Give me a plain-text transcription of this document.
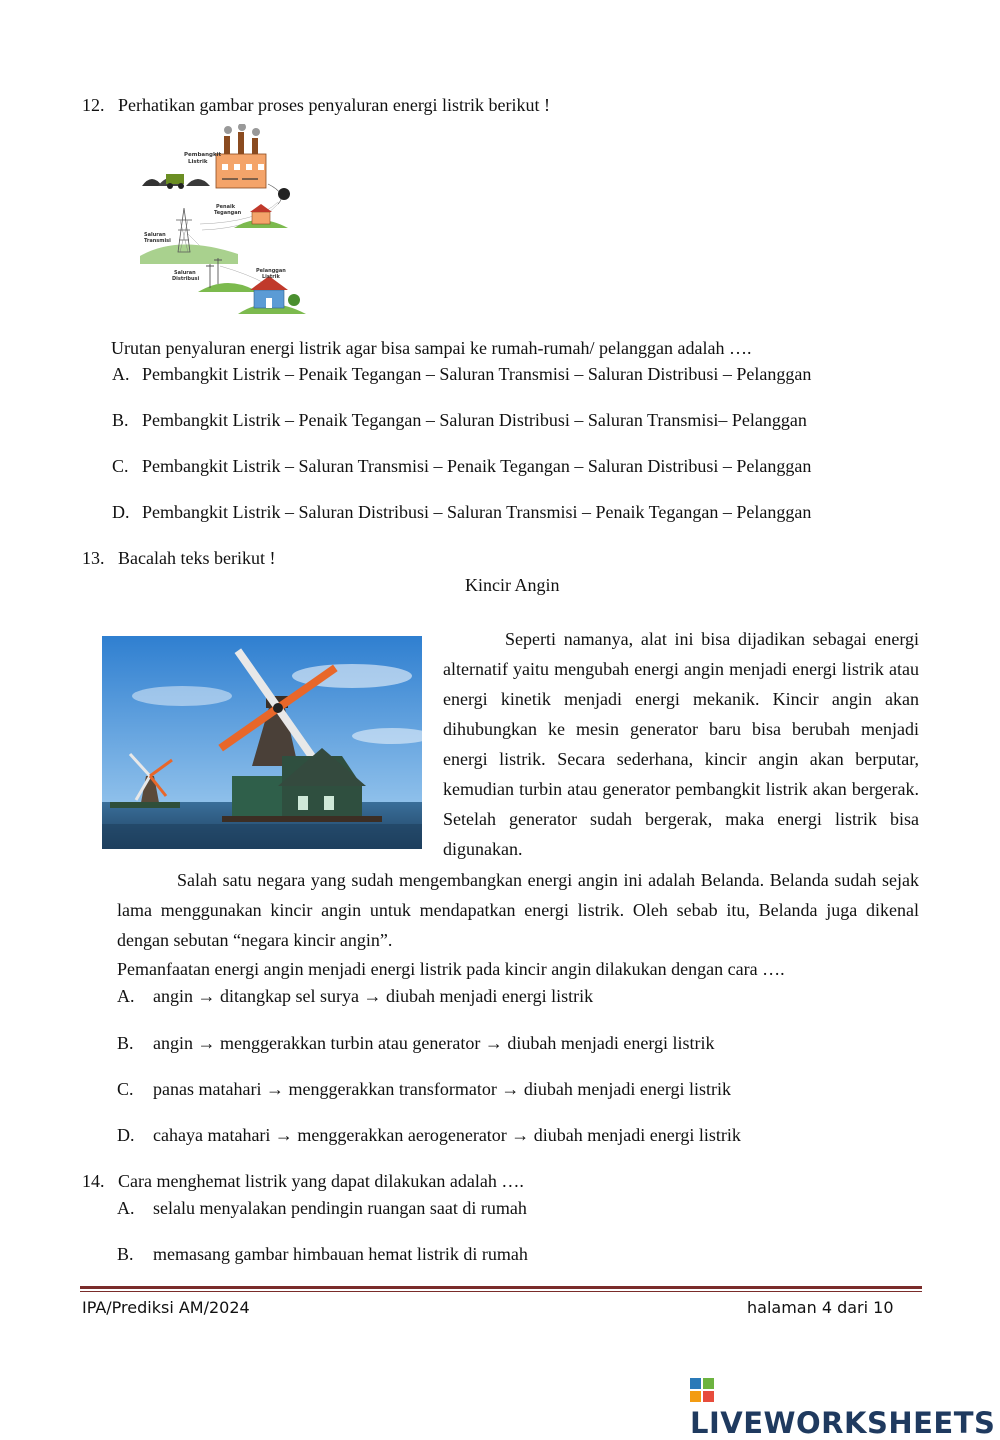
12. Perhatikan gambar proses penyaluran energi listrik berikut !
Pembangkit
Listrik
Penaik
Tegangan
Saluran
Transmisi
Saluran
Distribusi
Pelanggan
Listrik
Urutan penyaluran energi listrik agar bisa sampai ke rumah-rumah/ pelanggan adalah ….
A. Pembangkit Listrik – Penaik Tegangan – Saluran Transmisi – Saluran Distribusi – Pelanggan
B. Pembangkit Listrik – Penaik Tegangan – Saluran Distribusi – Saluran Transmisi– Pelanggan
C. Pembangkit Listrik – Saluran Transmisi – Penaik Tegangan – Saluran Distribusi – Pelanggan
D. Pembangkit Listrik – Saluran Distribusi – Saluran Transmisi – Penaik Tegangan – Pelanggan
13. Bacalah teks berikut !
Kincir Angin
Seperti namanya, alat ini bisa dijadikan sebagai energi alternatif yaitu mengubah energi angin menjadi energi listrik atau energi kinetik menjadi energi mekanik. Kincir angin akan dihubungkan ke mesin generator baru bisa berubah menjadi energi listrik. Secara sederhana, kincir angin akan berputar, kemudian turbin atau generator pembangkit listrik akan bergerak. Setelah generator sudah bergerak, maka energi listrik bisa digunakan.
Salah satu negara yang sudah mengembangkan energi angin ini adalah Belanda. Belanda sudah sejak lama menggunakan kincir angin untuk mendapatkan energi listrik. Oleh sebab itu, Belanda juga dikenal dengan sebutan “negara kincir angin”.
Pemanfaatan energi angin menjadi energi listrik pada kincir angin dilakukan dengan cara ….
A. angin → ditangkap sel surya → diubah menjadi energi listrik
B. angin → menggerakkan turbin atau generator → diubah menjadi energi listrik
C. panas matahari → menggerakkan transformator → diubah menjadi energi listrik
D. cahaya matahari → menggerakkan aerogenerator → diubah menjadi energi listrik
14. Cara menghemat listrik yang dapat dilakukan adalah ….
A. selalu menyalakan pendingin ruangan saat di rumah
B. memasang gambar himbauan hemat listrik di rumah
IPA/Prediksi AM/2024	halaman 4 dari 10
LIVEWORKSHEETS
